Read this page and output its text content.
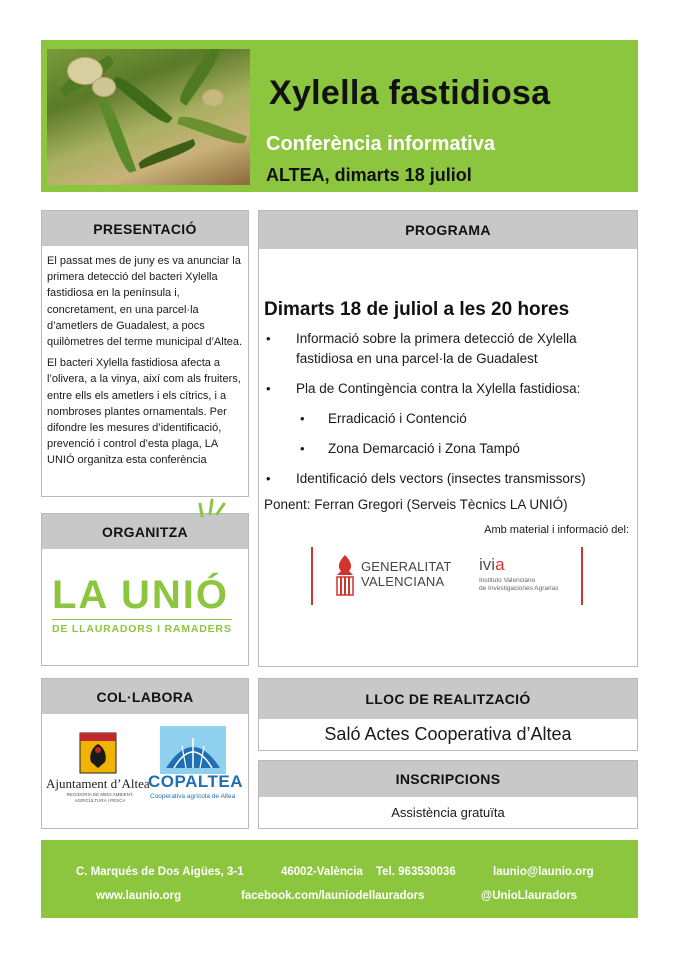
Xylella fastidiosa
Conferència informativa
ALTEA, dimarts 18 juliol
PRESENTACIÓ

El passat mes de juny es va anunciar la primera detecció del bacteri Xylella fastidiosa en la península i, concretament, en una parcel·la d’ametlers de Guadalest, a pocs quilòmetres del terme municipal d’Altea.

El bacteri Xylella fastidiosa afecta a l’olivera, a la vinya, així com als fruiters, entre ells els ametlers i els cítrics, i a nombroses plantes ornamentals. Per difondre les mesures d’identificació, prevenció i control d’esta plaga, LA UNIÓ organitza esta conferència

ORGANITZA
LA UNIÓ
DE LLAURADORS I RAMADERS
PROGRAMA
Dimarts 18 de juliol a les 20 hores
• Informació sobre la primera detecció de Xylella fastidiosa en una parcel·la de Guadalest
• Pla de Contingència contra la Xylella fastidiosa:
• Erradicació i Contenció
• Zona Demarcació i Zona Tampó
• Identificació dels vectors (insectes transmissors)
Ponent: Ferran Gregori (Serveis Tècnics LA UNIÓ)
Amb material i informació del:
GENERALITAT
VALENCIANA
ivia
Instituto Valenciano
de Investigaciones Agrarias
COL·LABORA
Ajuntament d’Altea
REGIDORIA DE MEDI AMBIENT,
AGRICULTURA I PESCA
COPALTEA
Cooperativa agrícola de Altea
LLOC DE REALITZACIÓ
Saló Actes Cooperativa d’Altea
INSCRIPCIONS
Assistència gratuïta
C. Marqués de Dos Aigües, 3-1	46002-València Tel. 963530036	launio@launio.org
www.launio.org	facebook.com/launiodellauradors	@UnioLlauradors
